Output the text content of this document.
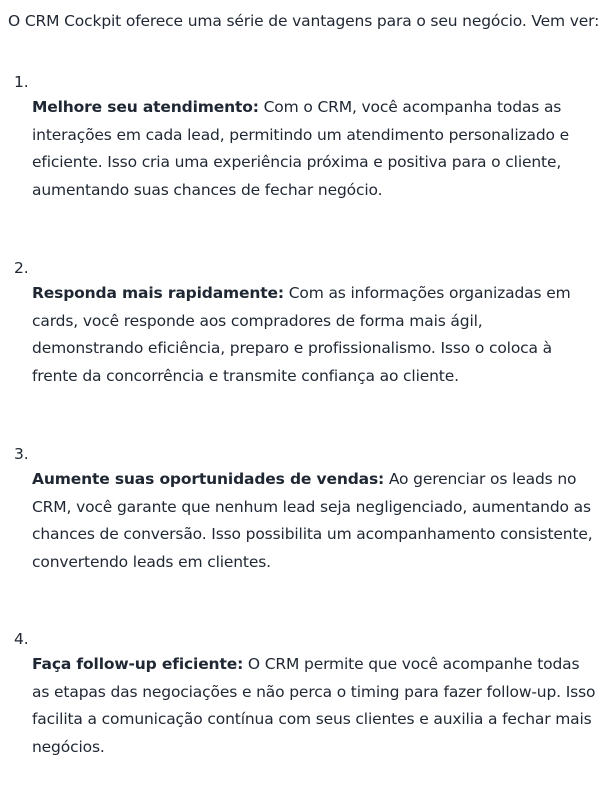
O CRM Cockpit oferece uma série de vantagens para o seu negócio. Vem ver:
1.

Melhore seu atendimento: Com o CRM, você acompanha todas as interações em cada lead, permitindo um atendimento personalizado e eficiente. Isso cria uma experiência próxima e positiva para o cliente, aumentando suas chances de fechar negócio.

2.

Responda mais rapidamente: Com as informações organizadas em cards, você responde aos compradores de forma mais ágil, demonstrando eficiência, preparo e profissionalismo. Isso o coloca à frente da concorrência e transmite confiança ao cliente.

3.

Aumente suas oportunidades de vendas: Ao gerenciar os leads no CRM, você garante que nenhum lead seja negligenciado, aumentando as chances de conversão. Isso possibilita um acompanhamento consistente, convertendo leads em clientes.

4.

Faça follow-up eficiente: O CRM permite que você acompanhe todas as etapas das negociações e não perca o timing para fazer follow-up. Isso facilita a comunicação contínua com seus clientes e auxilia a fechar mais negócios.
